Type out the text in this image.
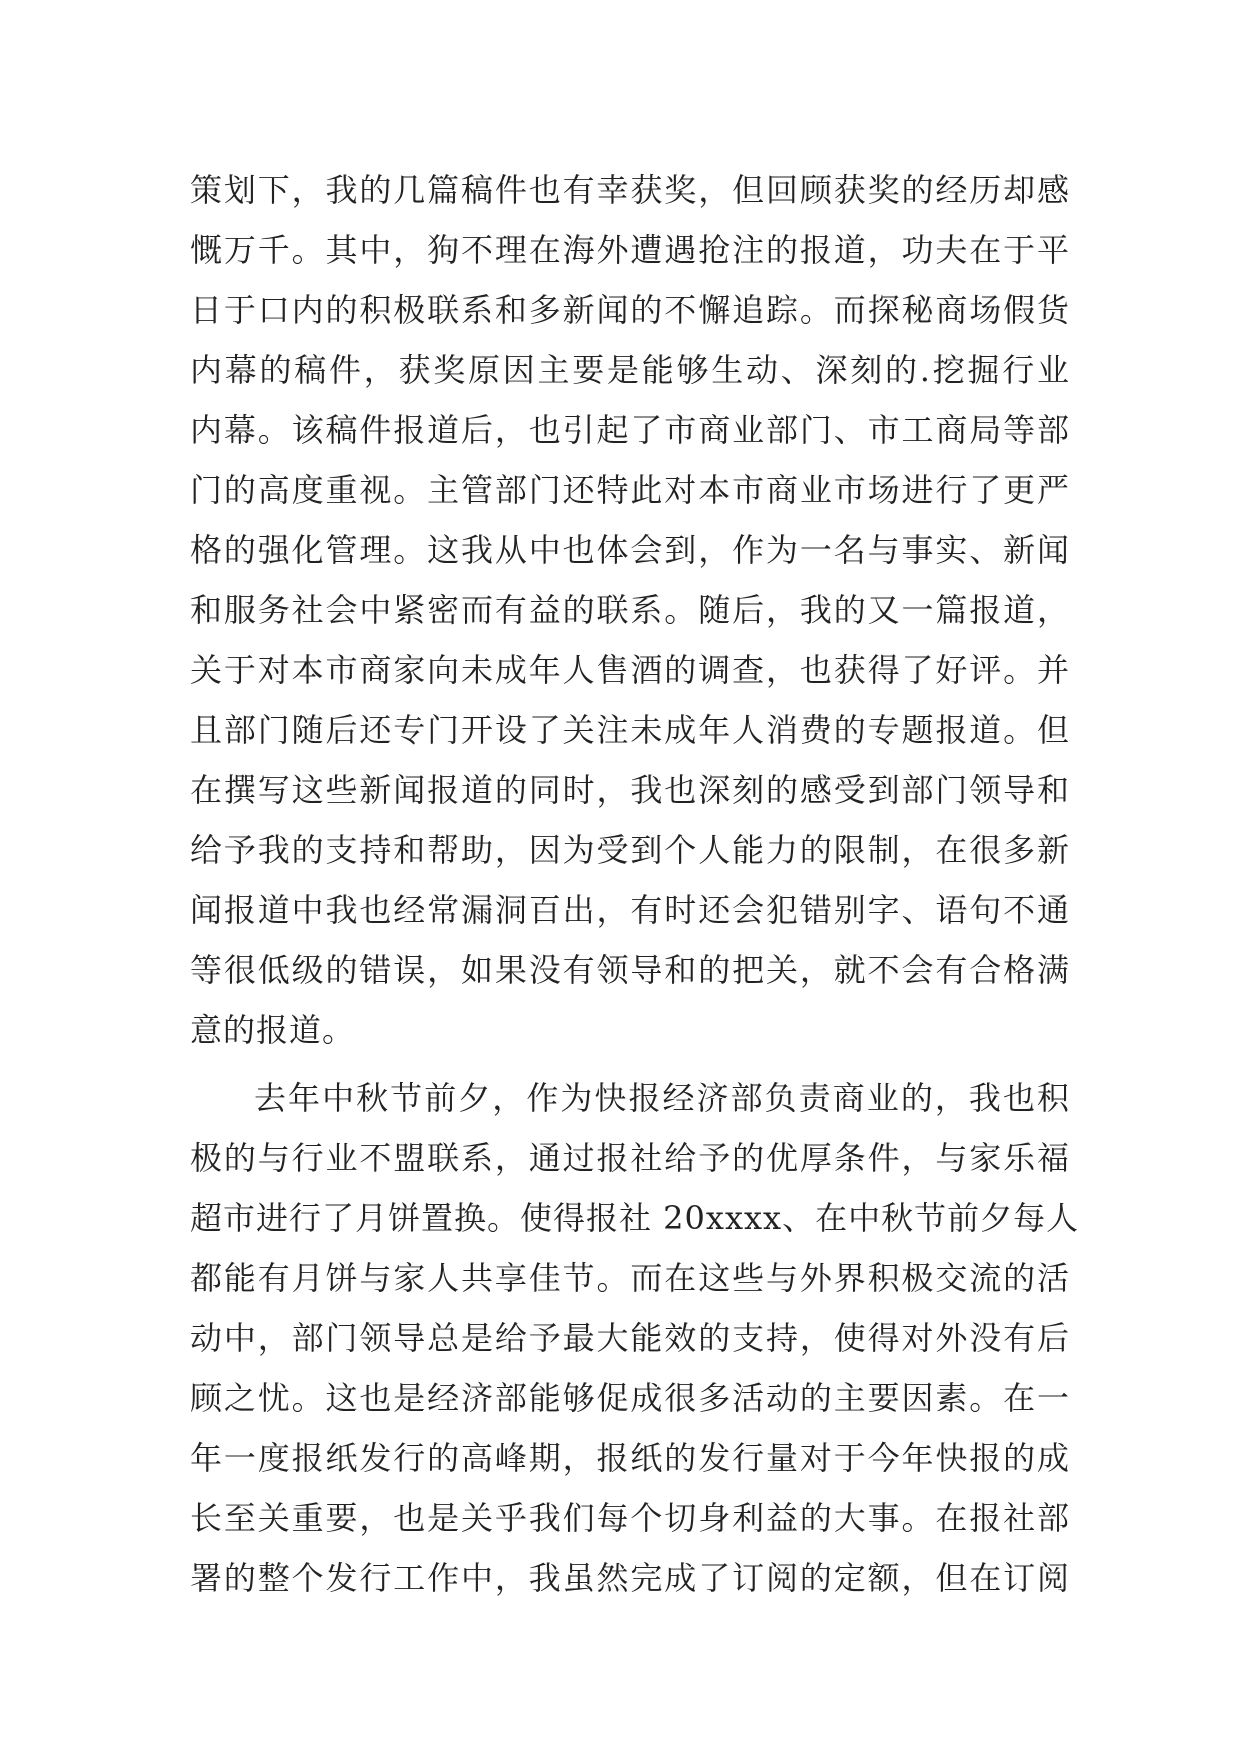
策划下，我的几篇稿件也有幸获奖，但回顾获奖的经历却感
慨万千。其中，狗不理在海外遭遇抢注的报道，功夫在于平
日于口内的积极联系和多新闻的不懈追踪。而探秘商场假货
内幕的稿件，获奖原因主要是能够生动、深刻的.挖掘行业
内幕。该稿件报道后，也引起了市商业部门、市工商局等部
门的高度重视。主管部门还特此对本市商业市场进行了更严
格的强化管理。这我从中也体会到，作为一名与事实、新闻
和服务社会中紧密而有益的联系。随后，我的又一篇报道，
关于对本市商家向未成年人售酒的调查，也获得了好评。并
且部门随后还专门开设了关注未成年人消费的专题报道。但
在撰写这些新闻报道的同时，我也深刻的感受到部门领导和
给予我的支持和帮助，因为受到个人能力的限制，在很多新
闻报道中我也经常漏洞百出，有时还会犯错别字、语句不通
等很低级的错误，如果没有领导和的把关，就不会有合格满
意的报道。
去年中秋节前夕，作为快报经济部负责商业的，我也积
极的与行业不盟联系，通过报社给予的优厚条件，与家乐福
超市进行了月饼置换。使得报社 20xxxx、在中秋节前夕每人
都能有月饼与家人共享佳节。而在这些与外界积极交流的活
动中，部门领导总是给予最大能效的支持，使得对外没有后
顾之忧。这也是经济部能够促成很多活动的主要因素。在一
年一度报纸发行的高峰期，报纸的发行量对于今年快报的成
长至关重要，也是关乎我们每个切身利益的大事。在报社部
署的整个发行工作中，我虽然完成了订阅的定额，但在订阅
